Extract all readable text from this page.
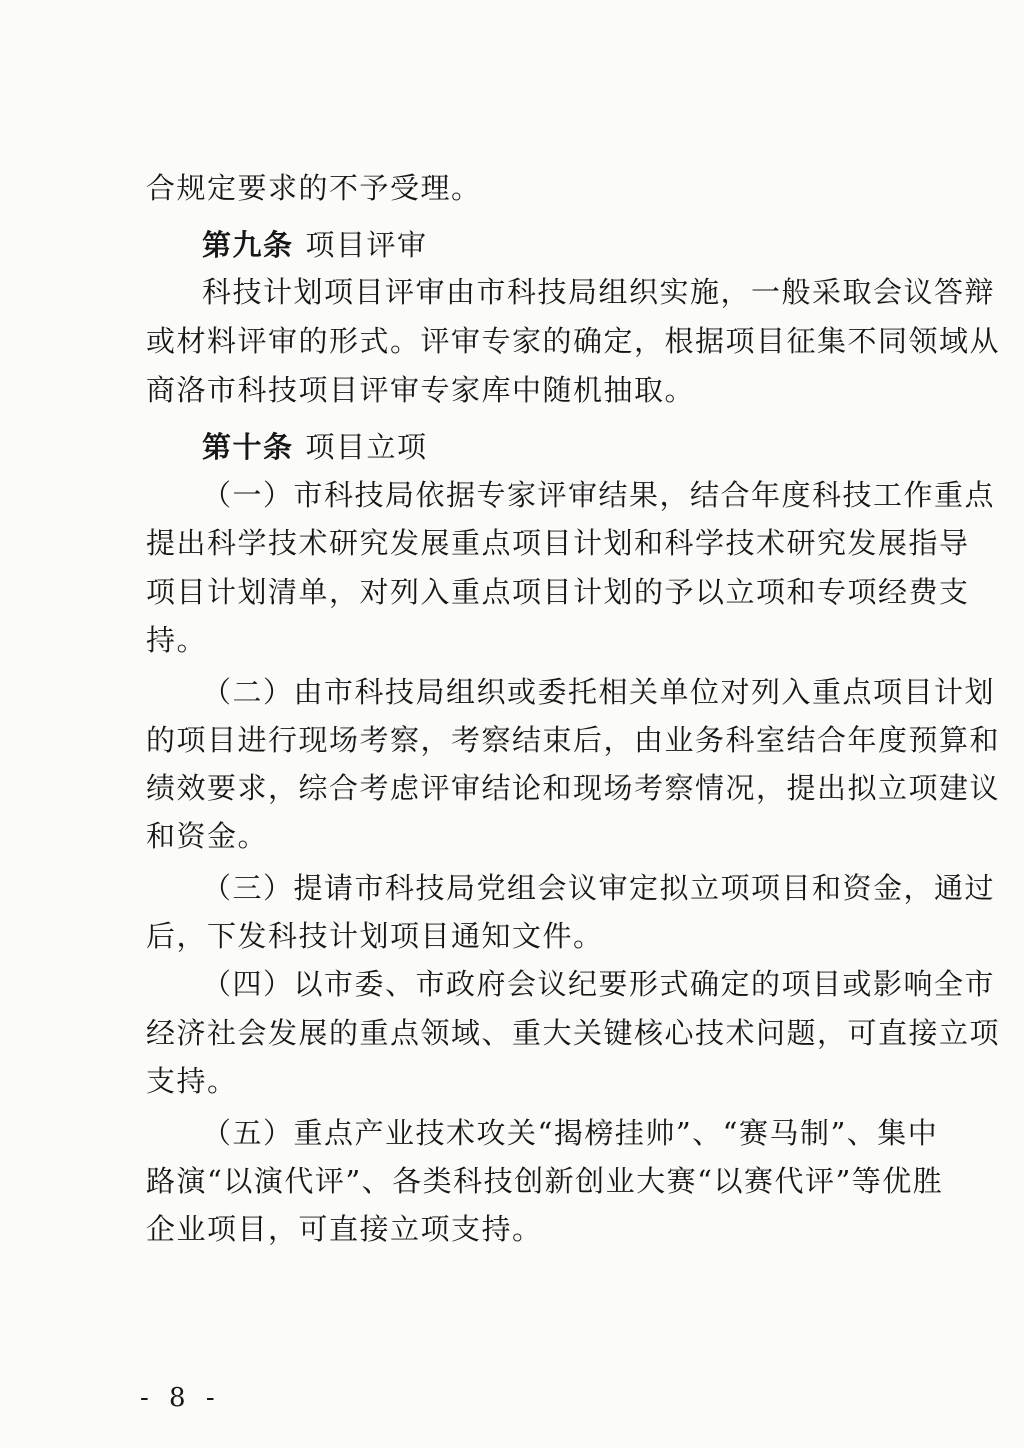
合规定要求的不予受理。
第九条 项目评审
科技计划项目评审由市科技局组织实施，一般采取会议答辩
或材料评审的形式。评审专家的确定，根据项目征集不同领域从
商洛市科技项目评审专家库中随机抽取。
第十条 项目立项
（一）市科技局依据专家评审结果，结合年度科技工作重点
提出科学技术研究发展重点项目计划和科学技术研究发展指导
项目计划清单，对列入重点项目计划的予以立项和专项经费支
持。
（二）由市科技局组织或委托相关单位对列入重点项目计划
的项目进行现场考察，考察结束后，由业务科室结合年度预算和
绩效要求，综合考虑评审结论和现场考察情况，提出拟立项建议
和资金。
（三）提请市科技局党组会议审定拟立项项目和资金，通过
后，下发科技计划项目通知文件。
（四）以市委、市政府会议纪要形式确定的项目或影响全市
经济社会发展的重点领域、重大关键核心技术问题，可直接立项
支持。
（五）重点产业技术攻关“揭榜挂帅”、“赛马制”、集中
路演“以演代评”、各类科技创新创业大赛“以赛代评”等优胜
企业项目，可直接立项支持。
- 8 -
